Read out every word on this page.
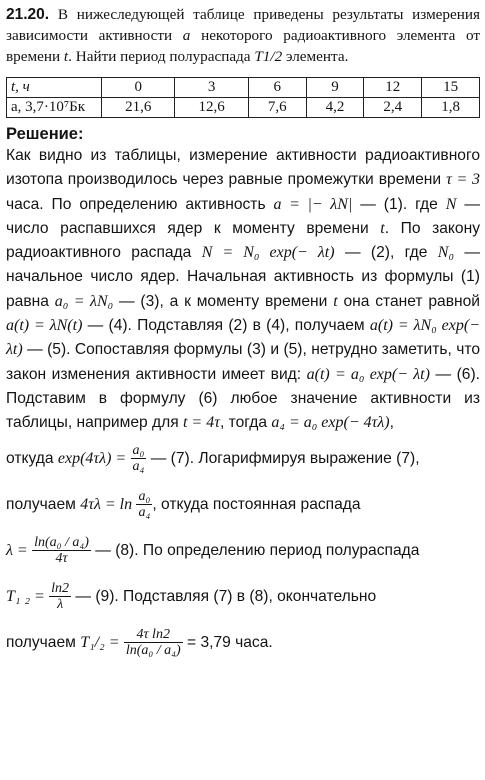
21.20. В нижеследующей таблице приведены результаты измерения зависимости активности a некоторого радиоактивного элемента от времени t. Найти период полураспада T1/2 элемента.

t, ч	0	3	6	9	12	15
a, 3,7·10⁷Бк	21,6	12,6	7,6	4,2	2,4	1,8
Решение:

Как видно из таблицы, измерение активности радиоактивного изотопа производилось через равные промежутки времени τ = 3 часа. По определению активность a = |− λN| — (1). где N — число распавшихся ядер к моменту времени t. По закону радиоактивного распада N = N₀ exp(− λt) — (2), где N₀ — начальное число ядер. Начальная активность из формулы (1) равна a₀ = λN₀ — (3), а к моменту времени t она станет равной a(t) = λN(t) — (4). Подставляя (2) в (4), получаем a(t) = λN₀ exp(− λt) — (5). Сопоставляя формулы (3) и (5), нетрудно заметить, что закон изменения активности имеет вид: a(t) = a₀ exp(− λt) — (6). Подставим в формулу (6) любое значение активности из таблицы, например для t = 4τ, тогда a₄ = a₀ exp(− 4τλ),

откуда $\exp(4\tau\lambda) = \frac{\text{a₀}}{\text{a₄}}$ — (7). Логарифмируя выражение (7),

получаем $4\tau\lambda = \ln \frac{\text{a₀}}{\text{a₄}}$ , откуда постоянная распада

$\lambda = \frac{\text{ln(a₀ / a₄)}}{4\tau}$ — (8). По определению период полураспада

T₁ $_2 = \frac{\ln 2}{\lambda}$ — (9). Подставляя (7) в (8), окончательно

получаем $T_1/_2 = \frac{\text{4τ ln2}}{\text{ln(a₀ / a₄)}} = 3,79$ часа.
